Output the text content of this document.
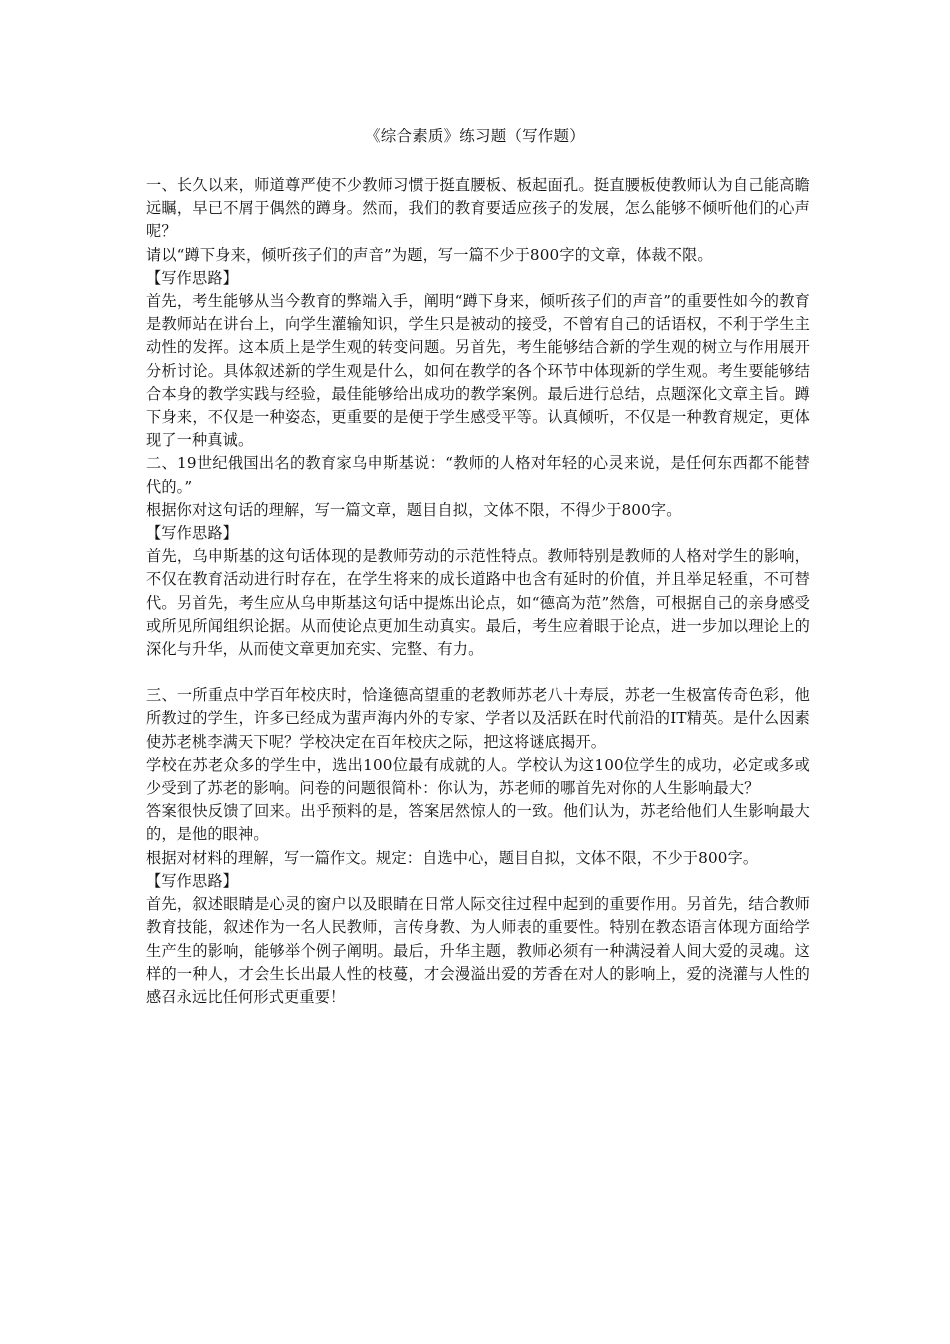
《综合素质》练习题（写作题）

一、长久以来，师道尊严使不少教师习惯于挺直腰板、板起面孔。挺直腰板使教师认为自己能高瞻远瞩，早已不屑于偶然的蹲身。然而，我们的教育要适应孩子的发展，怎么能够不倾听他们的心声呢？

请以“蹲下身来，倾听孩子们的声音”为题，写一篇不少于800字的文章，体裁不限。

【写作思路】

首先，考生能够从当今教育的弊端入手，阐明“蹲下身来，倾听孩子们的声音”的重要性如今的教育是教师站在讲台上，向学生灌输知识，学生只是被动的接受，不曾宥自己的话语权，不利于学生主动性的发挥。这本质上是学生观的转变问题。另首先，考生能够结合新的学生观的树立与作用展开分析讨论。具体叙述新的学生观是什么，如何在教学的各个环节中体现新的学生观。考生要能够结合本身的教学实践与经验，最佳能够给出成功的教学案例。最后进行总结，点题深化文章主旨。蹲下身来，不仅是一种姿态，更重要的是便于学生感受平等。认真倾听，不仅是一种教育规定，更体现了一种真诚。

二、19世纪俄国出名的教育家乌申斯基说：“教师的人格对年轻的心灵来说，是任何东西都不能替代的。”

根据你对这句话的理解，写一篇文章，题目自拟，文体不限，不得少于800字。

【写作思路】

首先，乌申斯基的这句话体现的是教师劳动的示范性特点。教师特别是教师的人格对学生的影响，不仅在教育活动进行时存在，在学生将来的成长道路中也含有延时的价值，并且举足轻重，不可替代。另首先，考生应从乌申斯基这句话中提炼出论点，如“德高为范”然詹，可根据自己的亲身感受或所见所闻组织论据。从而使论点更加生动真实。最后，考生应着眼于论点，进一步加以理论上的深化与升华，从而使文章更加充实、完整、有力。

三、一所重点中学百年校庆时，恰逢德高望重的老教师苏老八十寿辰，苏老一生极富传奇色彩，他所教过的学生，许多已经成为蜚声海内外的专家、学者以及活跃在时代前沿的IT精英。是什么因素使苏老桃李满天下呢？学校决定在百年校庆之际，把这将谜底揭开。

学校在苏老众多的学生中，选出100位最有成就的人。学校认为这100位学生的成功，必定或多或少受到了苏老的影响。问卷的问题很简朴：你认为，苏老师的哪首先对你的人生影响最大？

答案很快反馈了回来。出乎预料的是，答案居然惊人的一致。他们认为，苏老给他们人生影响最大的，是他的眼神。

根据对材料的理解，写一篇作文。规定：自选中心，题目自拟，文体不限，不少于800字。

【写作思路】

首先，叙述眼睛是心灵的窗户以及眼睛在日常人际交往过程中起到的重要作用。另首先，结合教师教育技能，叙述作为一名人民教师，言传身教、为人师表的重要性。特别在教态语言体现方面给学生产生的影响，能够举个例子阐明。最后，升华主题，教师必须有一种满浸着人间大爱的灵魂。这样的一种人，才会生长出最人性的枝蔓，才会漫溢出爱的芳香在对人的影响上，爱的浇灌与人性的感召永远比任何形式更重要！
